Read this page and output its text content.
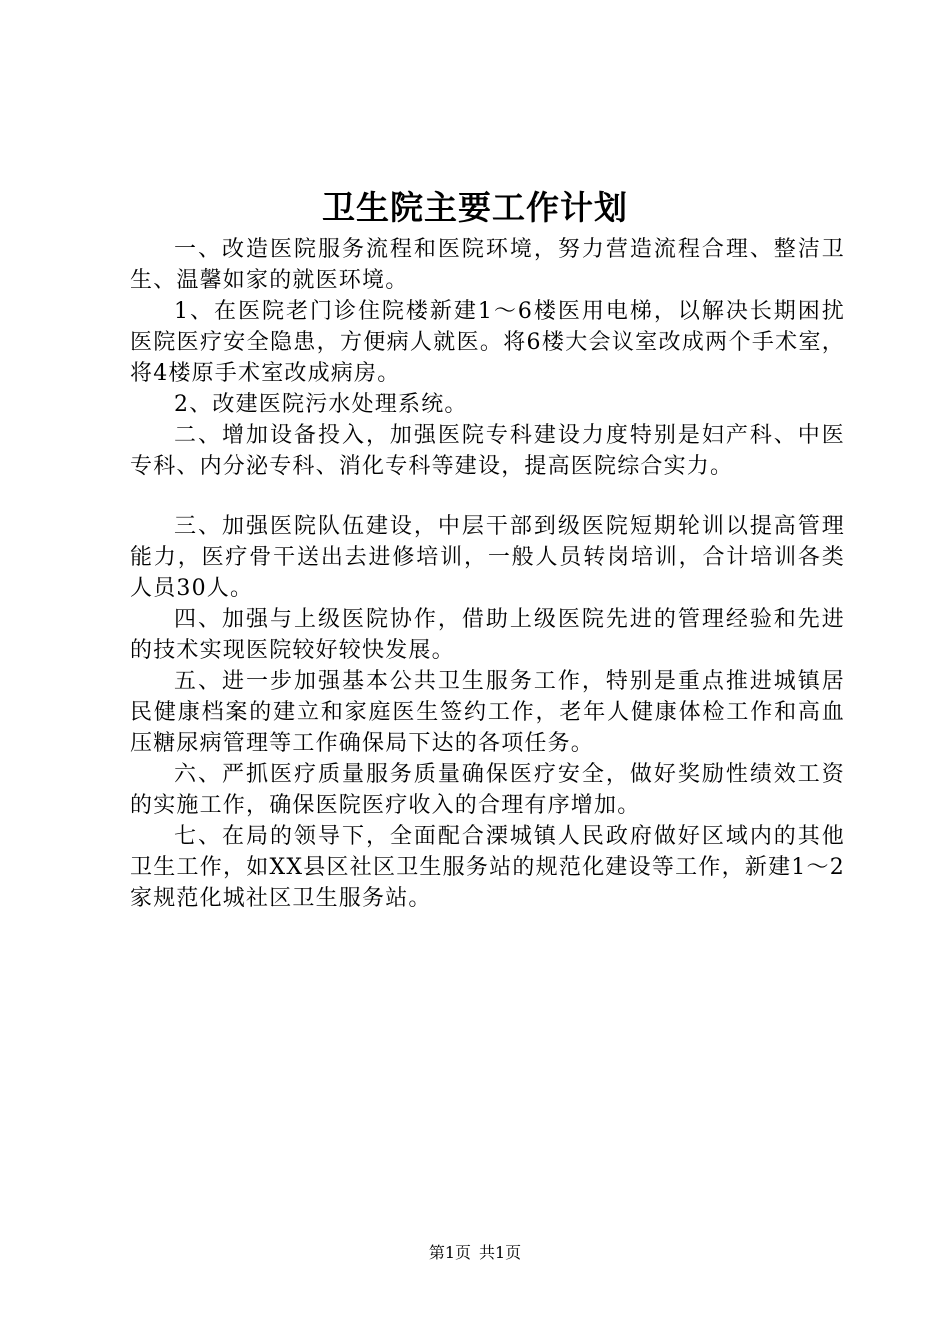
卫生院主要工作计划

一、改造医院服务流程和医院环境，努力营造流程合理、整洁卫生、温馨如家的就医环境。

1、在医院老门诊住院楼新建1～6楼医用电梯，以解决长期困扰医院医疗安全隐患，方便病人就医。将6楼大会议室改成两个手术室，将4楼原手术室改成病房。

2、改建医院污水处理系统。

二、增加设备投入，加强医院专科建设力度特别是妇产科、中医专科、内分泌专科、消化专科等建设，提高医院综合实力。

三、加强医院队伍建设，中层干部到级医院短期轮训以提高管理能力，医疗骨干送出去进修培训，一般人员转岗培训，合计培训各类人员30人。

四、加强与上级医院协作，借助上级医院先进的管理经验和先进的技术实现医院较好较快发展。

五、进一步加强基本公共卫生服务工作，特别是重点推进城镇居民健康档案的建立和家庭医生签约工作，老年人健康体检工作和高血压糖尿病管理等工作确保局下达的各项任务。

六、严抓医疗质量服务质量确保医疗安全，做好奖励性绩效工资的实施工作，确保医院医疗收入的合理有序增加。

七、在局的领导下，全面配合溧城镇人民政府做好区域内的其他卫生工作，如XX县区社区卫生服务站的规范化建设等工作，新建1～2家规范化城社区卫生服务站。

第1页 共1页
